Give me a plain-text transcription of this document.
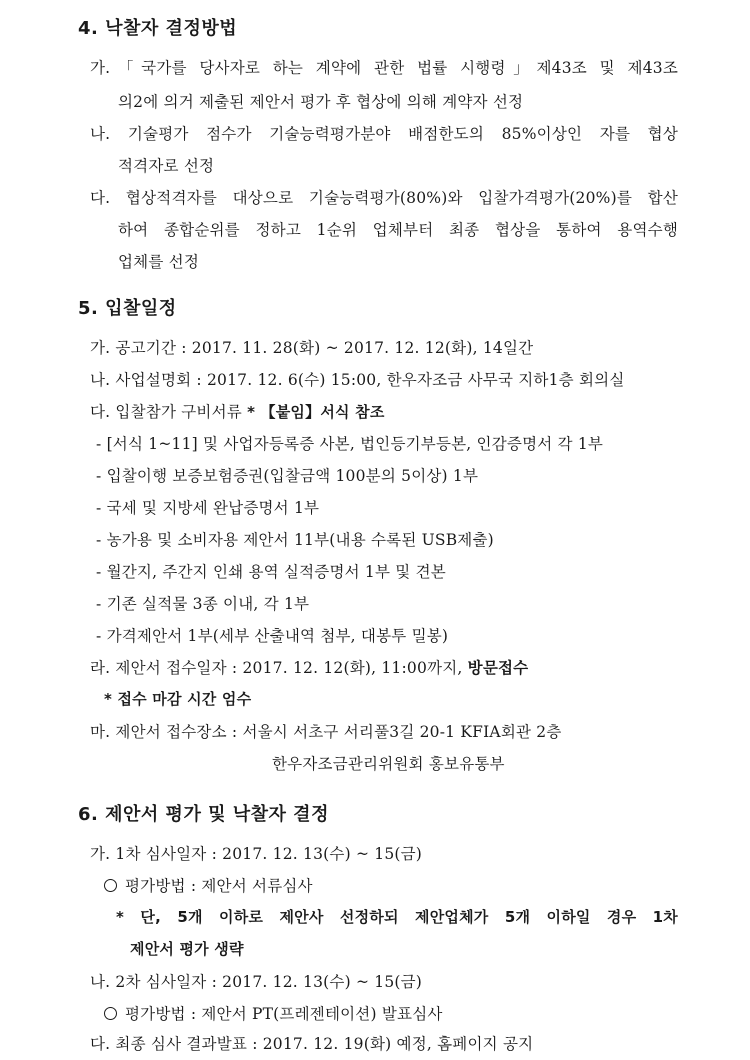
4. 낙찰자 결정방법
가.「국가를 당사자로 하는 계약에 관한 법률 시행령」제43조 및 제43조
의2에 의거 제출된 제안서 평가 후 협상에 의해 계약자 선정
나. 기술평가 점수가 기술능력평가분야 배점한도의 85%이상인 자를 협상
적격자로 선정
다. 협상적격자를 대상으로 기술능력평가(80%)와 입찰가격평가(20%)를 합산
하여 종합순위를 정하고 1순위 업체부터 최종 협상을 통하여 용역수행
업체를 선정
5. 입찰일정
가. 공고기간 : 2017. 11. 28(화) ~ 2017. 12. 12(화), 14일간
나. 사업설명회 : 2017. 12. 6(수) 15:00, 한우자조금 사무국 지하1층 회의실
다. 입찰참가 구비서류 * 【붙임】서식 참조
- [서식 1~11] 및 사업자등록증 사본, 법인등기부등본, 인감증명서 각 1부
- 입찰이행 보증보험증권(입찰금액 100분의 5이상) 1부
- 국세 및 지방세 완납증명서 1부
- 농가용 및 소비자용 제안서 11부(내용 수록된 USB제출)
- 월간지, 주간지 인쇄 용역 실적증명서 1부 및 견본
- 기존 실적물 3종 이내, 각 1부
- 가격제안서 1부(세부 산출내역 첨부, 대봉투 밀봉)
라. 제안서 접수일자 : 2017. 12. 12(화), 11:00까지, 방문접수
* 접수 마감 시간 엄수
마. 제안서 접수장소 : 서울시 서초구 서리풀3길 20-1 KFIA회관 2층
한우자조금관리위원회 홍보유통부
6. 제안서 평가 및 낙찰자 결정
가. 1차 심사일자 : 2017. 12. 13(수) ~ 15(금)
평가방법 : 제안서 서류심사
* 단, 5개 이하로 제안사 선정하되 제안업체가 5개 이하일 경우 1차
제안서 평가 생략
나. 2차 심사일자 : 2017. 12. 13(수) ~ 15(금)
평가방법 : 제안서 PT(프레젠테이션) 발표심사
다. 최종 심사 결과발표 : 2017. 12. 19(화) 예정, 홈페이지 공지
